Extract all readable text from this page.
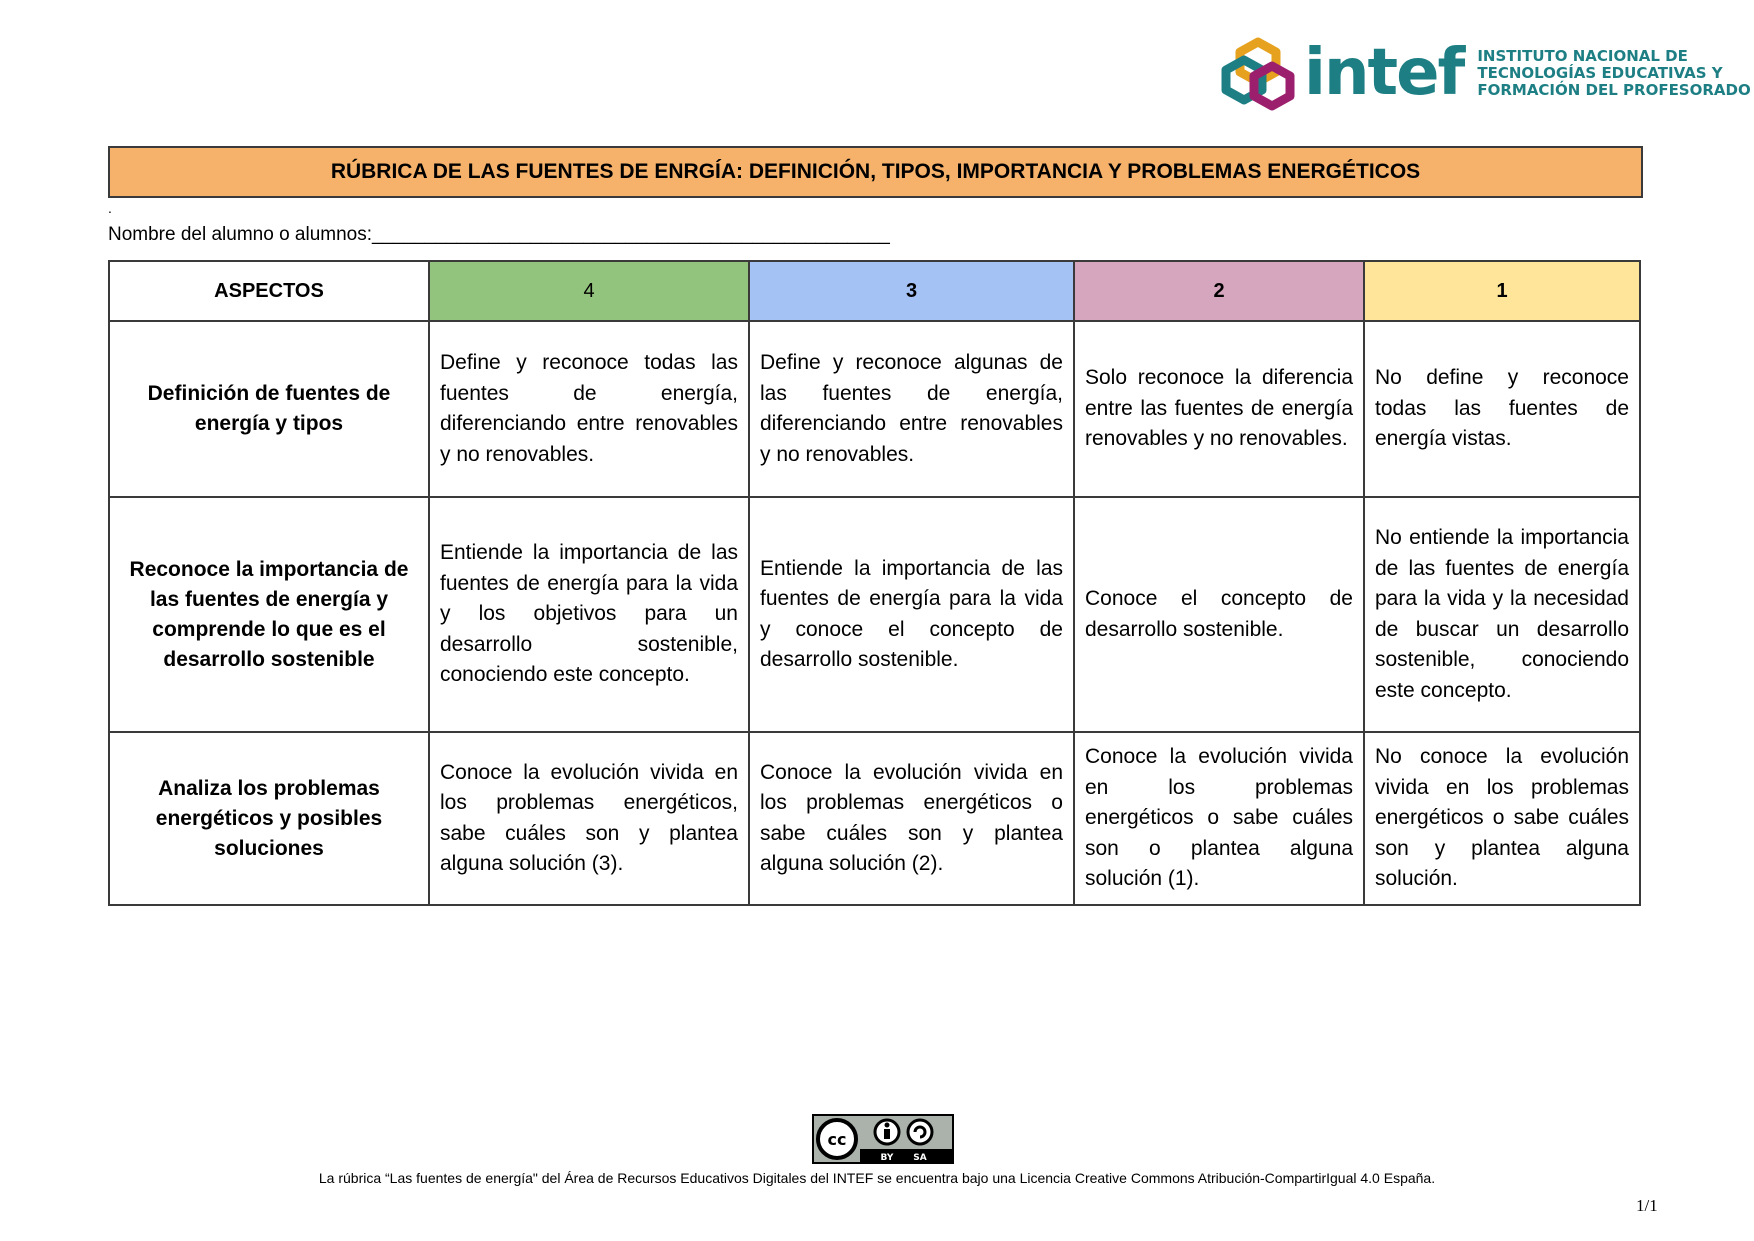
intef INSTITUTO NACIONAL DE
TECNOLOGÍAS EDUCATIVAS Y
FORMACIÓN DEL PROFESORADO
RÚBRICA DE LAS FUENTES DE ENRGÍA: DEFINICIÓN, TIPOS, IMPORTANCIA Y PROBLEMAS ENERGÉTICOS
.
Nombre del alumno o alumnos:_________________________________________________
ASPECTOS	4	3	2	1
Definición de fuentes de energía y tipos	Define y reconoce todas las fuentes de energía, diferenciando entre renovables y no renovables.	Define y reconoce algunas de las fuentes de energía, diferenciando entre renovables y no renovables.	Solo reconoce la diferencia entre las fuentes de energía renovables y no renovables.	No define y reconoce todas las fuentes de energía vistas.
Reconoce la importancia de las fuentes de energía y comprende lo que es el desarrollo sostenible	Entiende la importancia de las fuentes de energía para la vida y los objetivos para un desarrollo sostenible, conociendo este concepto.	Entiende la importancia de las fuentes de energía para la vida y conoce el concepto de desarrollo sostenible.	Conoce el concepto de desarrollo sostenible.	No entiende la importancia de las fuentes de energía para la vida y la necesidad de buscar un desarrollo sostenible, conociendo este concepto.
Analiza los problemas energéticos y posibles soluciones	Conoce la evolución vivida en los problemas energéticos, sabe cuáles son y plantea alguna solución (3).	Conoce la evolución vivida en los problemas energéticos o sabe cuáles son y plantea alguna solución (2).	Conoce la evolución vivida en los problemas energéticos o sabe cuáles son o plantea alguna solución (1).	No conoce la evolución vivida en los problemas energéticos o sabe cuáles son y plantea alguna solución.
cc
BY SA
La rúbrica “Las fuentes de energía" del Área de Recursos Educativos Digitales del INTEF se encuentra bajo una Licencia Creative Commons Atribución-CompartirIgual 4.0 España.
1/1
